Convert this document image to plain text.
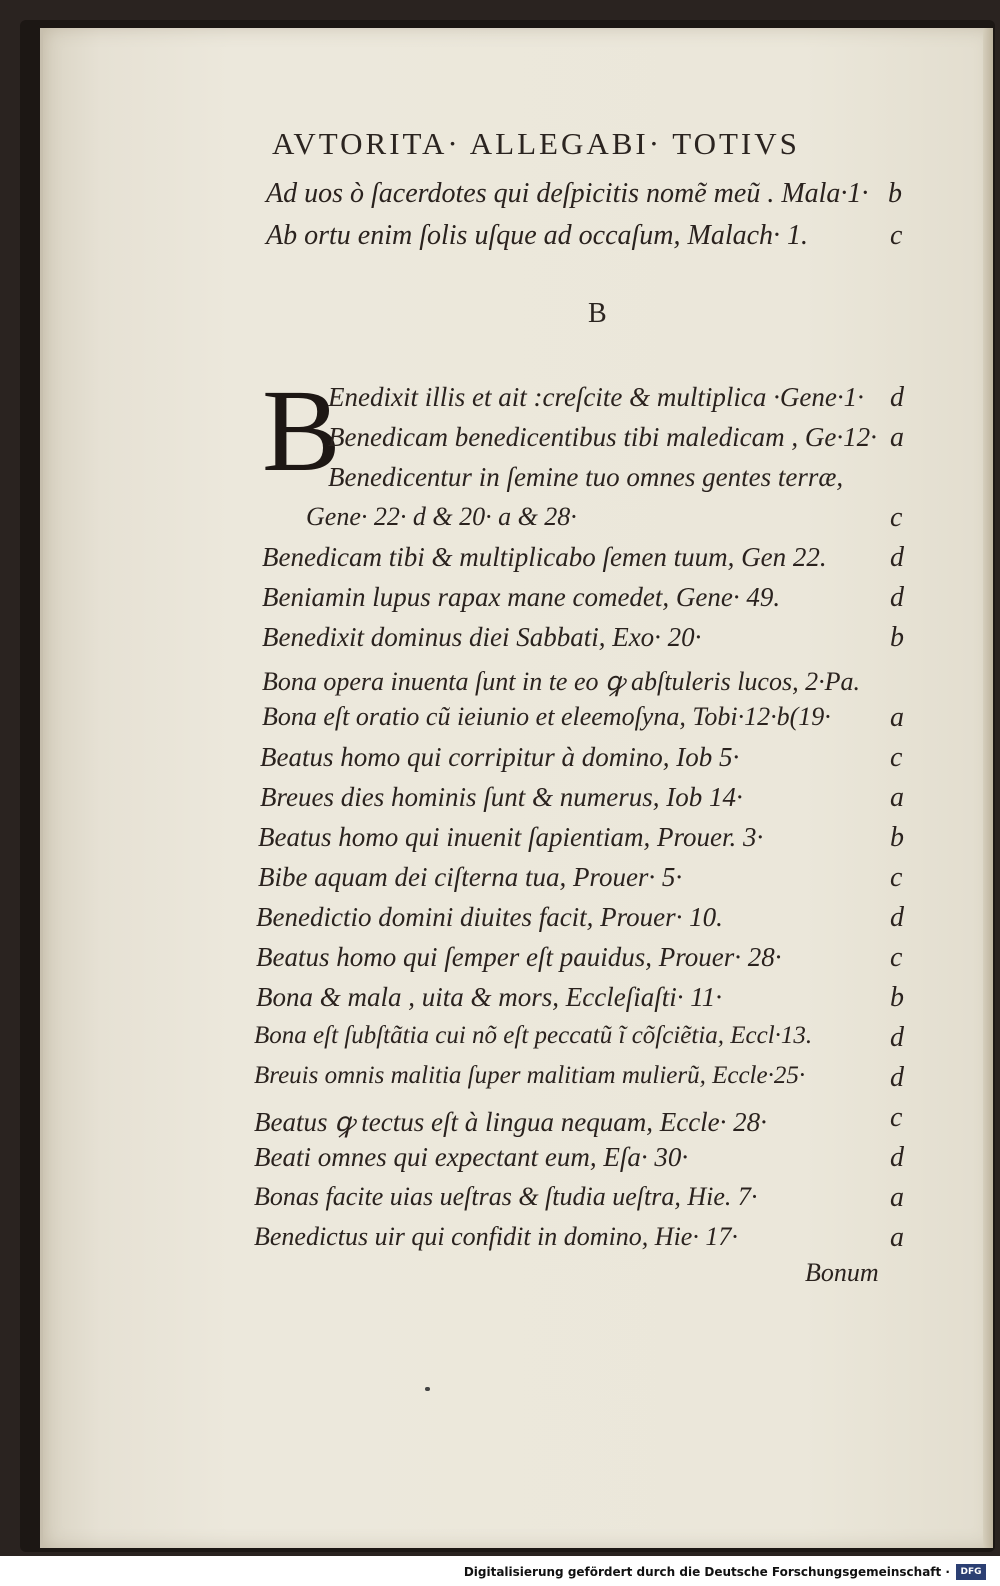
AVTORITA· ALLEGABI· TOTIVS
Ad uos ò ſacerdotes qui deſpicitis nomẽ meũ . Mala·1· b
Ab ortu enim ſolis uſque ad occaſum, Malach· 1.	c
B
B
Enedixit illis et ait :creſcite & multiplica ·Gene·1· d
Benedicam benedicentibus tibi maledicam , Ge·12· a
Benedicentur in ſemine tuo omnes gentes terræ,
Gene· 22· d & 20· a & 28·	c
Benedicam tibi & multiplicabo ſemen tuum, Gen 22. d
Beniamin lupus rapax mane comedet, Gene· 49.	d
Benedixit dominus diei Sabbati, Exo· 20·	b
Bona opera inuenta ſunt in te eo ꝙ abſtuleris lucos, 2·Pa.
Bona eſt oratio cũ ieiunio et eleemoſyna, Tobi·12·b(19· a
Beatus homo qui corripitur à domino, Iob 5·	c
Breues dies hominis ſunt & numerus, Iob 14·	a
Beatus homo qui inuenit ſapientiam, Prouer. 3·	b
Bibe aquam dei ciſterna tua, Prouer· 5·	c
Benedictio domini diuites facit, Prouer· 10.	d
Beatus homo qui ſemper eſt pauidus, Prouer· 28·	c
Bona & mala , uita & mors, Eccleſiaſti· 11·	b
Bona eſt ſubſtãtia cui nõ eſt peccatũ ĩ cõſciẽtia, Eccl·13.	d
Breuis omnis malitia ſuper malitiam mulierũ, Eccle·25·	d
Beatus ꝙ tectus eſt à lingua nequam, Eccle· 28·	c
Beati omnes qui expectant eum, Eſa· 30·	d
Bonas facite uias ueſtras & ſtudia ueſtra, Hie. 7·	a
Benedictus uir qui confidit in domino, Hie· 17·	a
Bonum
Digitalisierung gefördert durch die Deutsche Forschungsgemeinschaft ·	DFG
